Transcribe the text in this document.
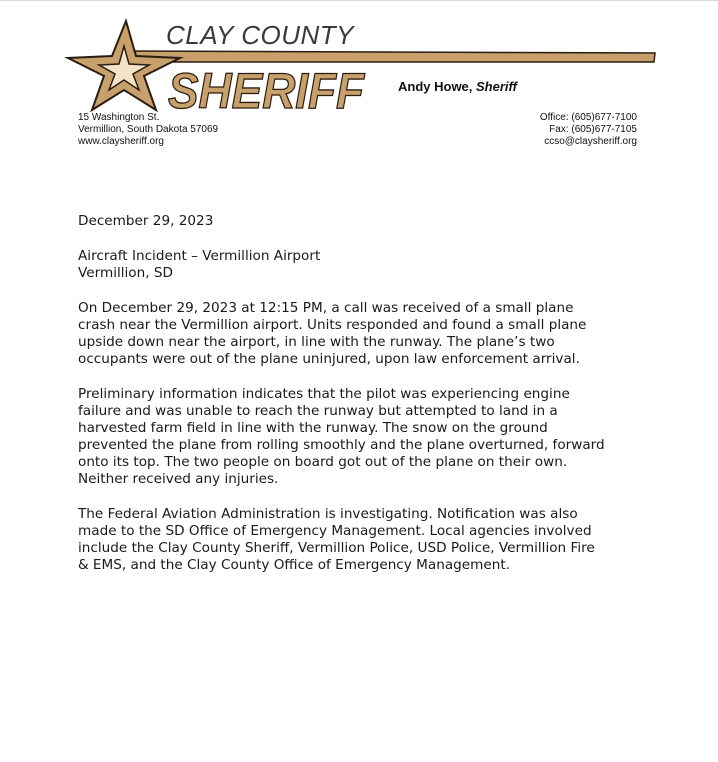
CLAY COUNTY
SHERIFF	Andy Howe, Sheriff
15 Washington St.
Vermillion, South Dakota 57069
www.claysheriff.org
Office: (605)677-7100
Fax: (605)677-7105
ccso@claysheriff.org

December 29, 2023

Aircraft Incident – Vermillion Airport
Vermillion, SD

On December 29, 2023 at 12:15 PM, a call was received of a small plane
crash near the Vermillion airport. Units responded and found a small plane
upside down near the airport, in line with the runway. The plane’s two
occupants were out of the plane uninjured, upon law enforcement arrival.

Preliminary information indicates that the pilot was experiencing engine
failure and was unable to reach the runway but attempted to land in a
harvested farm field in line with the runway. The snow on the ground
prevented the plane from rolling smoothly and the plane overturned, forward
onto its top. The two people on board got out of the plane on their own.
Neither received any injuries.

The Federal Aviation Administration is investigating. Notification was also
made to the SD Office of Emergency Management. Local agencies involved
include the Clay County Sheriff, Vermillion Police, USD Police, Vermillion Fire
& EMS, and the Clay County Office of Emergency Management.
